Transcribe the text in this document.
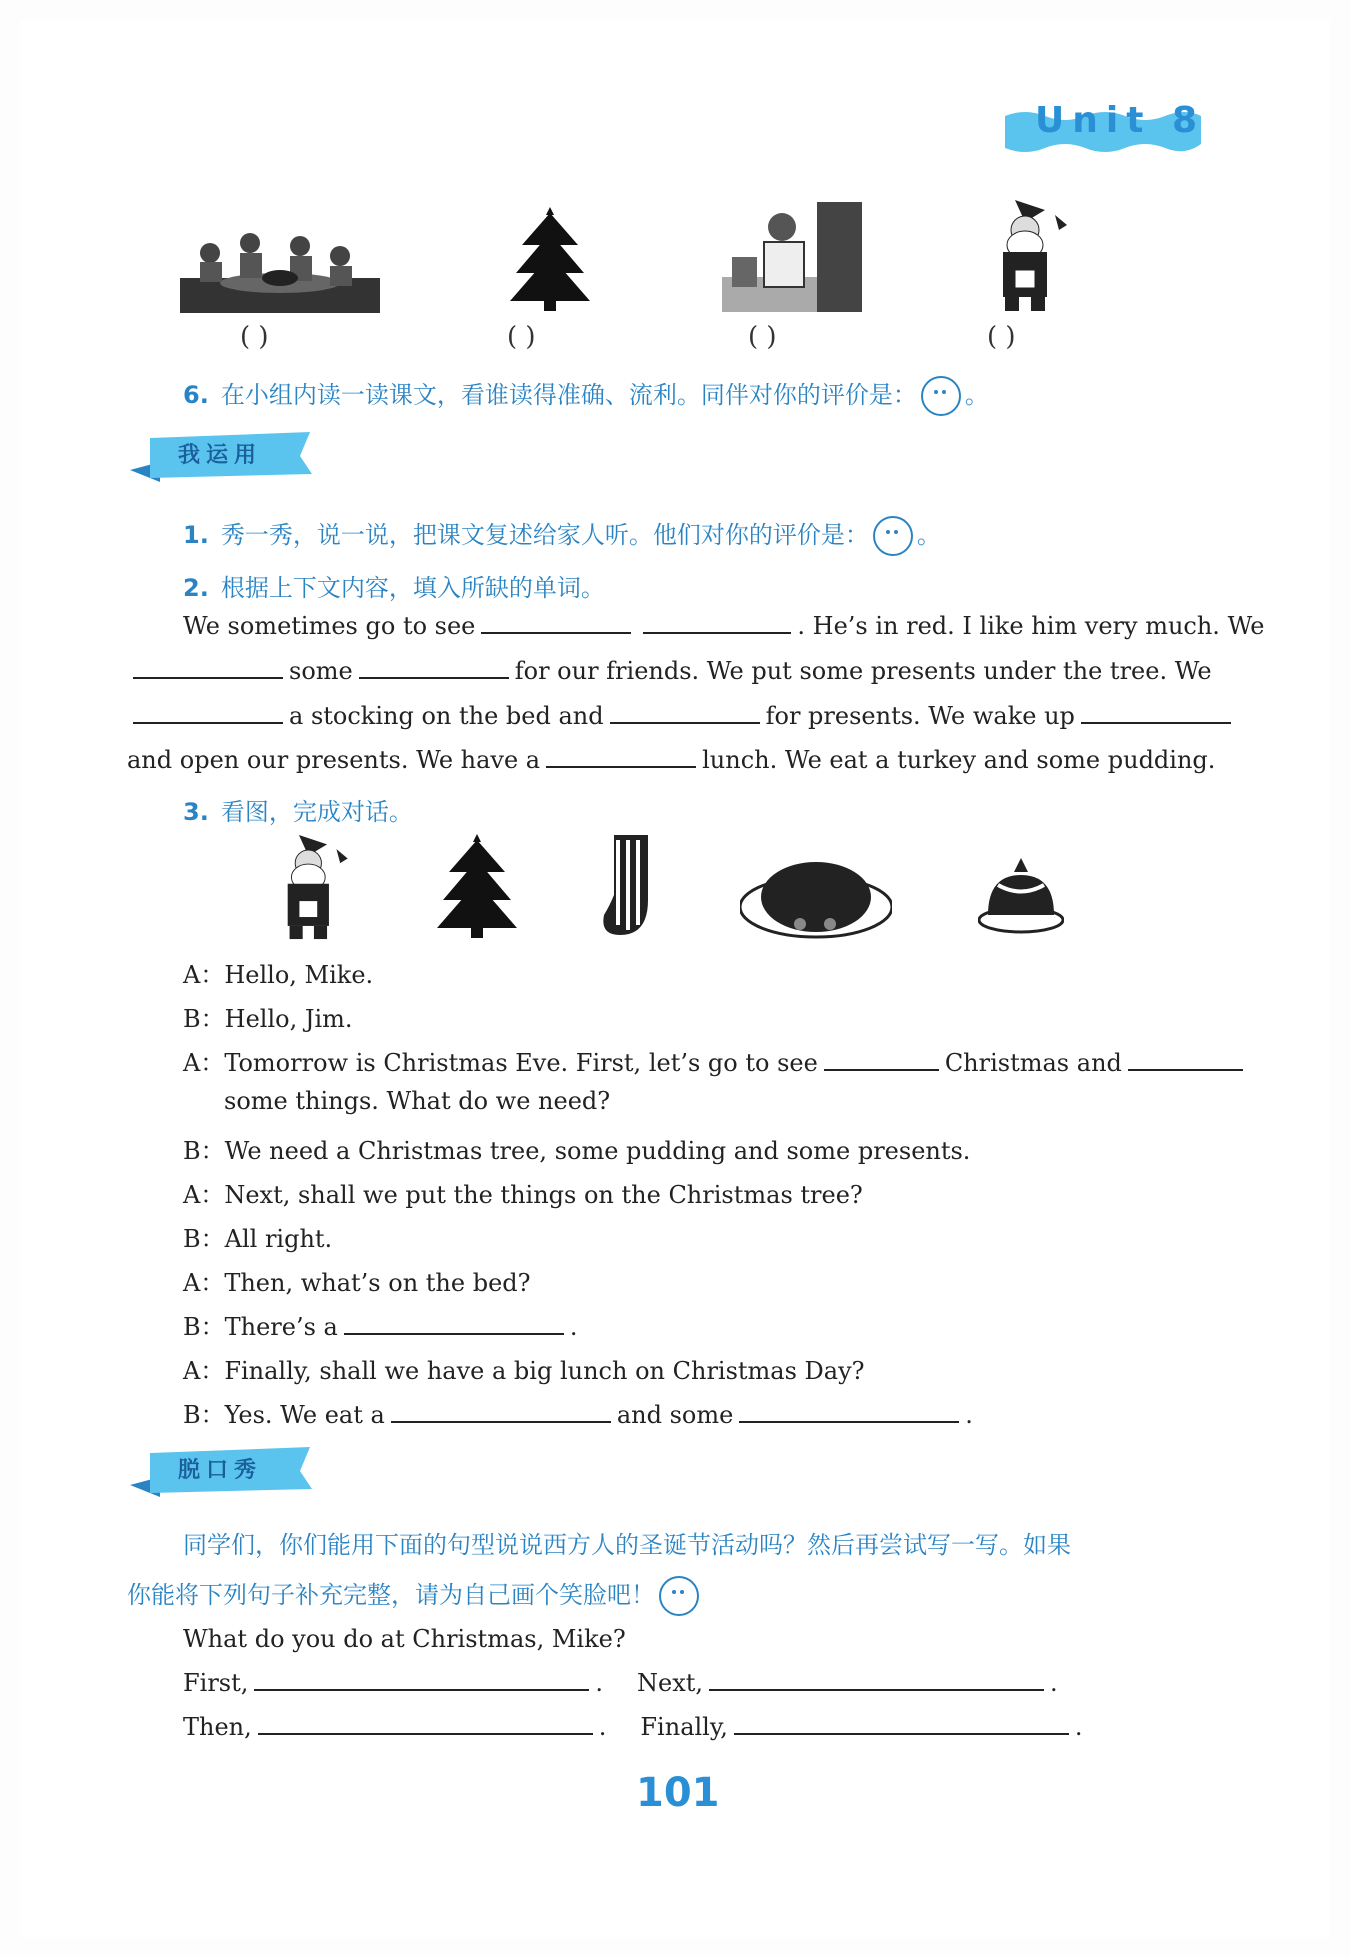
Unit 8
( )	( )	( )	( )
6. 在小组内读一读课文，看谁读得准确、流利。同伴对你的评价是： 。
我运用
1. 秀一秀，说一说，把课文复述给家人听。他们对你的评价是： 。
2. 根据上下文内容，填入所缺的单词。
We sometimes go to see	. He’s in red. I like him very much. We
some	for our friends. We put some presents under the tree. We
a stocking on the bed and	for presents. We wake up
and open our presents. We have a	lunch. We eat a turkey and some pudding.
3. 看图，完成对话。
A：Hello, Mike.
B：Hello, Jim.
A：Tomorrow is Christmas Eve. First, let’s go to see	Christmas and
some things. What do we need?
B：We need a Christmas tree, some pudding and some presents.
A：Next, shall we put the things on the Christmas tree?
B：All right.
A：Then, what’s on the bed?
B：There’s a	.
A：Finally, shall we have a big lunch on Christmas Day?
B：Yes. We eat a	and some	.
脱口秀
同学们，你们能用下面的句型说说西方人的圣诞节活动吗？然后再尝试写一写。如果
你能将下列句子补充完整，请为自己画个笑脸吧！
What do you do at Christmas, Mike?
First,	. Next,	.
Then,	. Finally,	.
101
